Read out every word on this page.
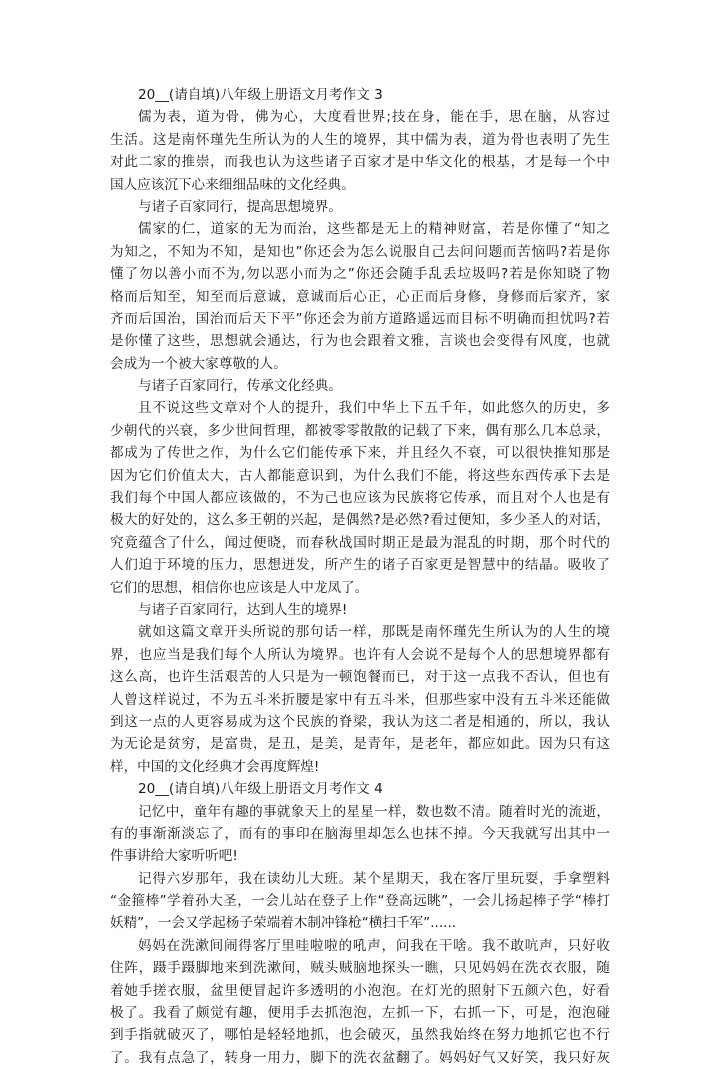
20__(请自填)八年级上册语文月考作文 3
儒为表，道为骨，佛为心，大度看世界;技在身，能在手，思在脑，从容过
生活。这是南怀瑾先生所认为的人生的境界，其中儒为表，道为骨也表明了先生
对此二家的推崇，而我也认为这些诸子百家才是中华文化的根基，才是每一个中
国人应该沉下心来细细品味的文化经典。
与诸子百家同行，提高思想境界。
儒家的仁，道家的无为而治，这些都是无上的精神财富，若是你懂了“知之
为知之，不知为不知，是知也”你还会为怎么说服自己去问问题而苦恼吗?若是你
懂了勿以善小而不为,勿以恶小而为之”你还会随手乱丢垃圾吗?若是你知晓了物
格而后知至，知至而后意诚，意诚而后心正，心正而后身修，身修而后家齐，家
齐而后国治，国治而后天下平”你还会为前方道路遥远而目标不明确而担忧吗?若
是你懂了这些，思想就会通达，行为也会跟着文雅，言谈也会变得有风度，也就
会成为一个被大家尊敬的人。
与诸子百家同行，传承文化经典。
且不说这些文章对个人的提升，我们中华上下五千年，如此悠久的历史，多
少朝代的兴衰，多少世间哲理，都被零零散散的记载了下来，偶有那么几本总录，
都成为了传世之作，为什么它们能传承下来，并且经久不衰，可以很快推知那是
因为它们价值太大，古人都能意识到，为什么我们不能，将这些东西传承下去是
我们每个中国人都应该做的，不为己也应该为民族将它传承，而且对个人也是有
极大的好处的，这么多王朝的兴起，是偶然?是必然?看过便知，多少圣人的对话，
究竟蕴含了什么，闻过便晓，而春秋战国时期正是最为混乱的时期，那个时代的
人们迫于环境的压力，思想迸发，所产生的诸子百家更是智慧中的结晶。吸收了
它们的思想，相信你也应该是人中龙凤了。
与诸子百家同行，达到人生的境界!
就如这篇文章开头所说的那句话一样，那既是南怀瑾先生所认为的人生的境
界，也应当是我们每个人所认为境界。也许有人会说不是每个人的思想境界都有
这么高，也许生活艰苦的人只是为一顿饱餐而已，对于这一点我不否认，但也有
人曾这样说过，不为五斗米折腰是家中有五斗米，但那些家中没有五斗米还能做
到这一点的人更容易成为这个民族的脊梁，我认为这二者是相通的，所以，我认
为无论是贫穷，是富贵，是丑，是美，是青年，是老年，都应如此。因为只有这
样，中国的文化经典才会再度辉煌!
20__(请自填)八年级上册语文月考作文 4
记忆中，童年有趣的事就象天上的星星一样，数也数不清。随着时光的流逝，
有的事渐渐淡忘了，而有的事印在脑海里却怎么也抹不掉。今天我就写出其中一
件事讲给大家听听吧!
记得六岁那年，我在读幼儿大班。某个星期天，我在客厅里玩耍，手拿塑料
“金箍棒”学着孙大圣，一会儿站在登子上作“登高远眺”，一会儿扬起棒子学“棒打
妖精”，一会又学起杨子荣端着木制冲锋枪“横扫千军”......
妈妈在洗漱间闹得客厅里哇啦啦的吼声，问我在干啥。我不敢吭声，只好收
住阵，蹑手蹑脚地来到洗漱间，贼头贼脑地探头一瞧，只见妈妈在洗衣衣服，随
着她手搓衣服，盆里便冒起许多透明的小泡泡。在灯光的照射下五颜六色，好看
极了。我看了颇觉有趣，便用手去抓泡泡，左抓一下，右抓一下，可是，泡泡碰
到手指就破灭了，哪怕是轻轻地抓，也会破灭，虽然我始终在努力地抓它也不行
了。我有点急了，转身一用力，脚下的洗衣盆翻了。妈妈好气又好笑，我只好灰
